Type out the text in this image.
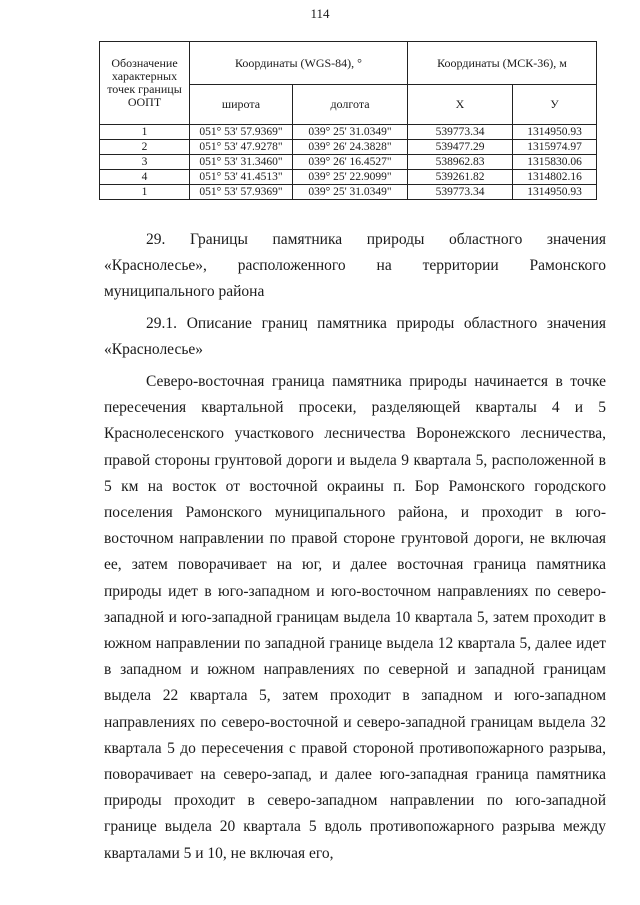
114
Обозначение характерных точек границы ООПТ	Координаты (WGS-84), °		Координаты (МСК-36), м	
	широта	долгота	X	У
1	051° 53' 57.9369"	039° 25' 31.0349"	539773.34	1314950.93
2	051° 53' 47.9278"	039° 26' 24.3828"	539477.29	1315974.97
3	051° 53' 31.3460"	039° 26' 16.4527"	538962.83	1315830.06
4	051° 53' 41.4513"	039° 25' 22.9099"	539261.82	1314802.16
1	051° 53' 57.9369"	039° 25' 31.0349"	539773.34	1314950.93

29. Границы памятника природы областного значения «Краснолесье», расположенного на территории Рамонского муниципального района

29.1. Описание границ памятника природы областного значения «Краснолесье»

Северо-восточная граница памятника природы начинается в точке пересечения квартальной просеки, разделяющей кварталы 4 и 5 Краснолесенского участкового лесничества Воронежского лесничества, правой стороны грунтовой дороги и выдела 9 квартала 5, расположенной в 5 км на восток от восточной окраины п. Бор Рамонского городского поселения Рамонского муниципального района, и проходит в юго-восточном направлении по правой стороне грунтовой дороги, не включая ее, затем поворачивает на юг, и далее восточная граница памятника природы идет в юго-западном и юго-восточном направлениях по северо-западной и юго-западной границам выдела 10 квартала 5, затем проходит в южном направлении по западной границе выдела 12 квартала 5, далее идет в западном и южном направлениях по северной и западной границам выдела 22 квартала 5, затем проходит в западном и юго-западном направлениях по северо-восточной и северо-западной границам выдела 32 квартала 5 до пересечения с правой стороной противопожарного разрыва, поворачивает на северо-запад, и далее юго-западная граница памятника природы проходит в северо-западном направлении по юго-западной границе выдела 20 квартала 5 вдоль противопожарного разрыва между кварталами 5 и 10, не включая его,
